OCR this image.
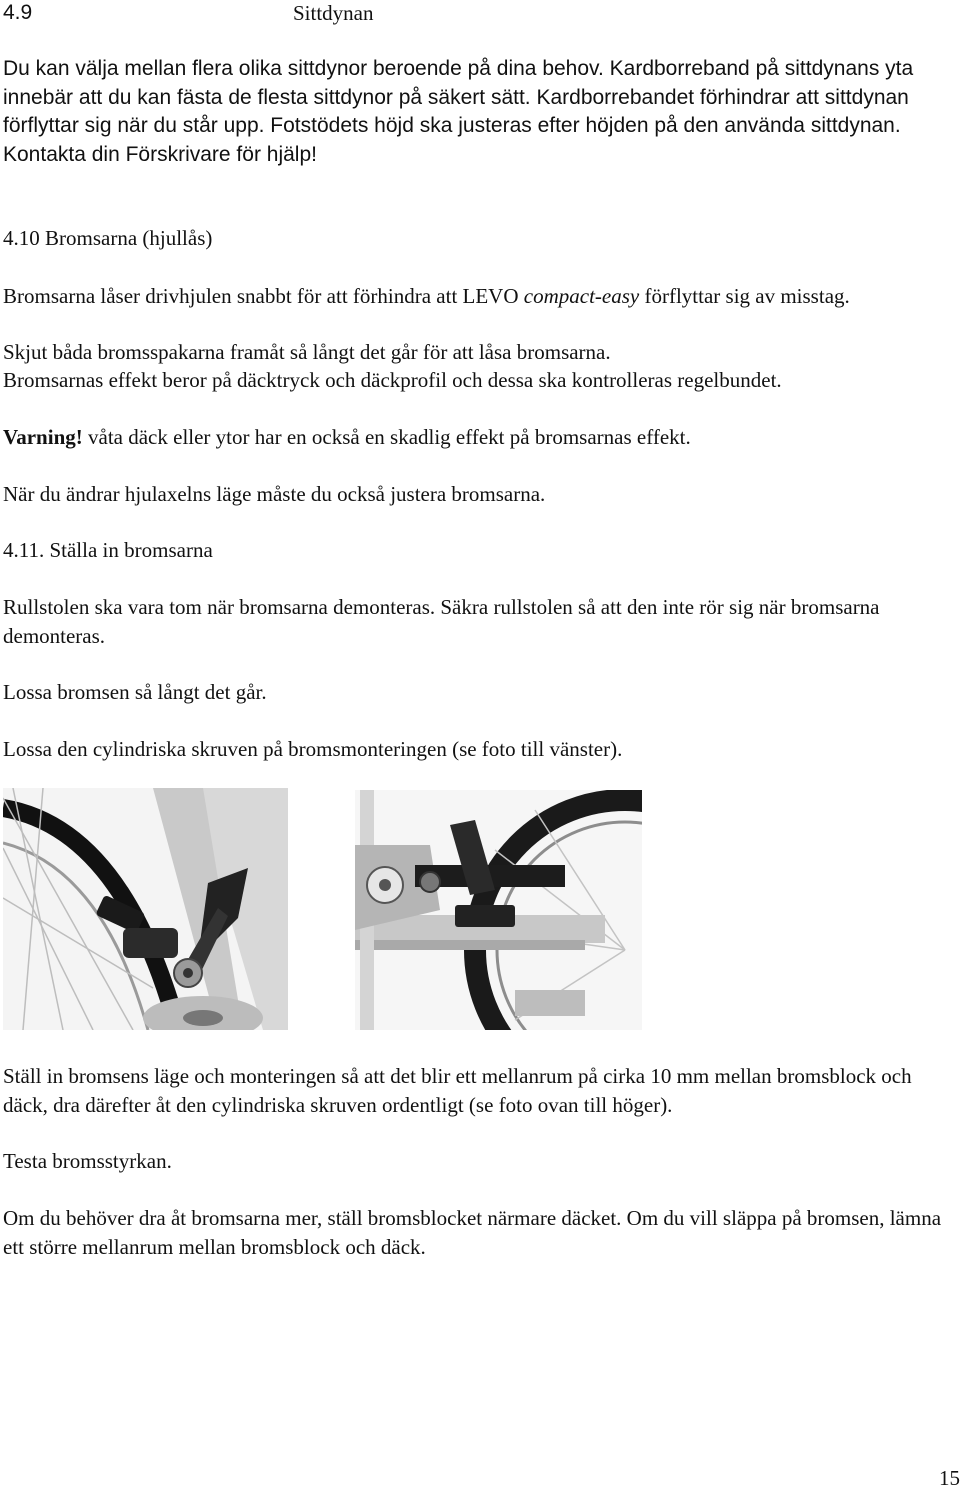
4.9	Sittdynan

Du kan välja mellan flera olika sittdynor beroende på dina behov. Kardborreband på sittdynans yta innebär att du kan fästa de flesta sittdynor på säkert sätt. Kardborrebandet förhindrar att sittdynan förflyttar sig när du står upp. Fotstödets höjd ska justeras efter höjden på den använda sittdynan. Kontakta din Förskrivare för hjälp!

4.10 Bromsarna (hjullås)

Bromsarna låser drivhjulen snabbt för att förhindra att LEVO compact-easy förflyttar sig av misstag.

Skjut båda bromsspakarna framåt så långt det går för att låsa bromsarna.

Bromsarnas effekt beror på däcktryck och däckprofil och dessa ska kontrolleras regelbundet.

Varning! våta däck eller ytor har en också en skadlig effekt på bromsarnas effekt.

När du ändrar hjulaxelns läge måste du också justera bromsarna.

4.11. Ställa in bromsarna

Rullstolen ska vara tom när bromsarna demonteras. Säkra rullstolen så att den inte rör sig när bromsarna demonteras.

Lossa bromsen så långt det går.

Lossa den cylindriska skruven på bromsmonteringen (se foto till vänster).

Ställ in bromsens läge och monteringen så att det blir ett mellanrum på cirka 10 mm mellan bromsblock och däck, dra därefter åt den cylindriska skruven ordentligt (se foto ovan till höger).

Testa bromsstyrkan.

Om du behöver dra åt bromsarna mer, ställ bromsblocket närmare däcket. Om du vill släppa på bromsen, lämna ett större mellanrum mellan bromsblock och däck.

15
